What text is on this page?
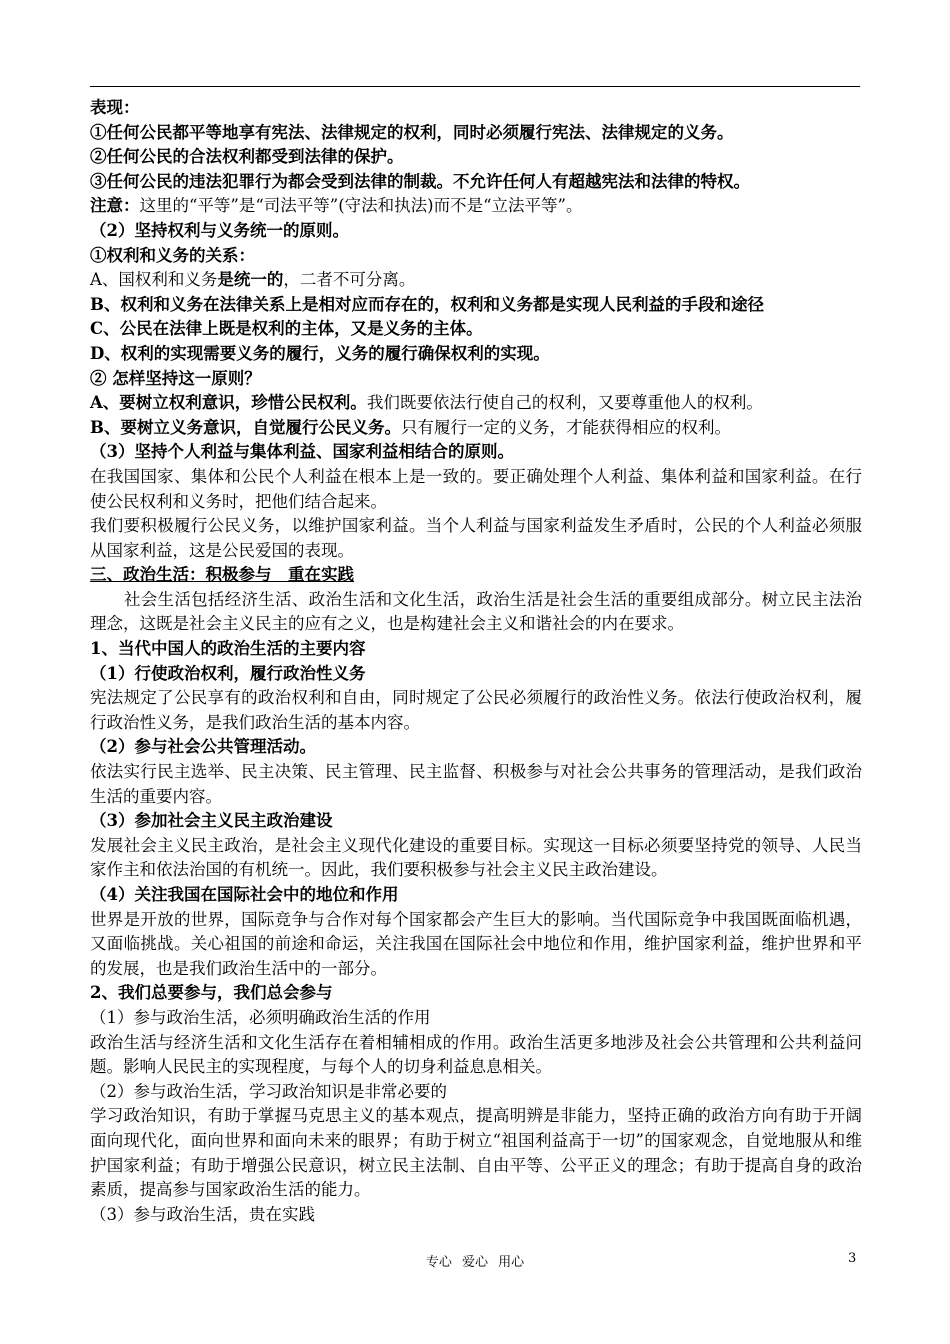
表现：

①任何公民都平等地享有宪法、法律规定的权利，同时必须履行宪法、法律规定的义务。

②任何公民的合法权利都受到法律的保护。

③任何公民的违法犯罪行为都会受到法律的制裁。不允许任何人有超越宪法和法律的特权。

注意：这里的“平等”是“司法平等”(守法和执法)而不是“立法平等”。

（2）坚持权利与义务统一的原则。

①权利和义务的关系：

A、国权利和义务是统一的，二者不可分离。

B、权利和义务在法律关系上是相对应而存在的，权利和义务都是实现人民利益的手段和途径

C、公民在法律上既是权利的主体，又是义务的主体。

D、权利的实现需要义务的履行，义务的履行确保权利的实现。

② 怎样坚持这一原则？

A、要树立权利意识，珍惜公民权利。我们既要依法行使自己的权利，又要尊重他人的权利。

B、要树立义务意识，自觉履行公民义务。只有履行一定的义务，才能获得相应的权利。

（3）坚持个人利益与集体利益、国家利益相结合的原则。

在我国国家、集体和公民个人利益在根本上是一致的。要正确处理个人利益、集体利益和国家利益。在行使公民权利和义务时，把他们结合起来。

我们要积极履行公民义务，以维护国家利益。当个人利益与国家利益发生矛盾时，公民的个人利益必须服从国家利益，这是公民爱国的表现。

三、政治生活：积极参与　重在实践

社会生活包括经济生活、政治生活和文化生活，政治生活是社会生活的重要组成部分。树立民主法治理念，这既是社会主义民主的应有之义，也是构建社会主义和谐社会的内在要求。

1、当代中国人的政治生活的主要内容

（1）行使政治权利，履行政治性义务

宪法规定了公民享有的政治权利和自由，同时规定了公民必须履行的政治性义务。依法行使政治权利，履行政治性义务，是我们政治生活的基本内容。

（2）参与社会公共管理活动。

依法实行民主选举、民主决策、民主管理、民主监督、积极参与对社会公共事务的管理活动，是我们政治生活的重要内容。

（3）参加社会主义民主政治建设

发展社会主义民主政治，是社会主义现代化建设的重要目标。实现这一目标必须要坚持党的领导、人民当家作主和依法治国的有机统一。因此，我们要积极参与社会主义民主政治建设。

（4）关注我国在国际社会中的地位和作用

世界是开放的世界，国际竞争与合作对每个国家都会产生巨大的影响。当代国际竞争中我国既面临机遇，又面临挑战。关心祖国的前途和命运，关注我国在国际社会中地位和作用，维护国家利益，维护世界和平的发展，也是我们政治生活中的一部分。

2、我们总要参与，我们总会参与

（1）参与政治生活，必须明确政治生活的作用

政治生活与经济生活和文化生活存在着相辅相成的作用。政治生活更多地涉及社会公共管理和公共利益问题。影响人民民主的实现程度，与每个人的切身利益息息相关。

（2）参与政治生活，学习政治知识是非常必要的

学习政治知识，有助于掌握马克思主义的基本观点，提高明辨是非能力，坚持正确的政治方向有助于开阔面向现代化，面向世界和面向未来的眼界；有助于树立“祖国利益高于一切”的国家观念，自觉地服从和维护国家利益；有助于增强公民意识，树立民主法制、自由平等、公平正义的理念；有助于提高自身的政治素质，提高参与国家政治生活的能力。

（3）参与政治生活，贵在实践

专心 爱心 用心	3
